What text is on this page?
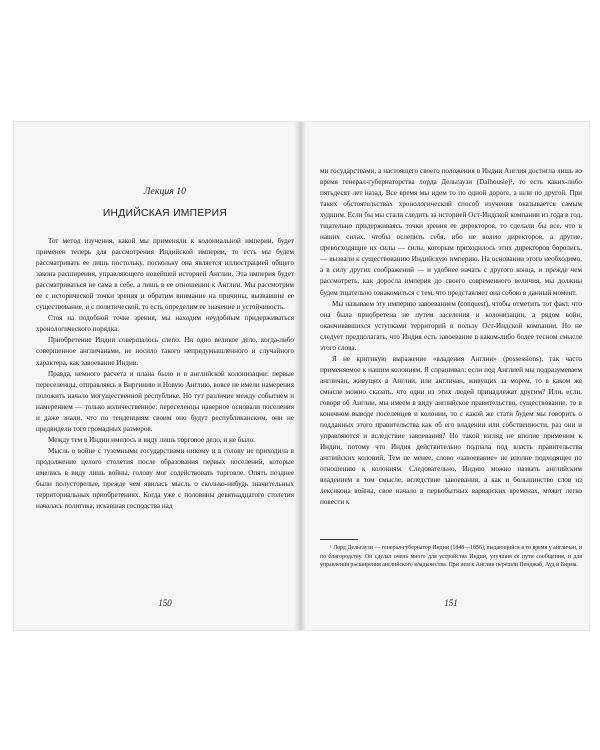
Лекция 10
ИНДИЙСКАЯ ИМПЕРИЯ

Тот метод изучения, какой мы применяли к колониальной империи, будет применен теперь для рассмотрения Индийской империи, то есть мы будем рассматривать ее лишь постольку, поскольку она является иллюстрацией общего закона расширения, управляющего новейшей историей Англии. Эта империя будет рассматриваться не сама в себе, а лишь в ее отношении к Англии. Мы рассмотрим ее с исторической точки зрения и обратим внимание на причины, вызвавшие ее существование, и с политической, то есть определим ее значение и устойчивость.

Стоя на подобной точке зрения, мы находим неудобным придерживаться хронологического порядка.

Приобретение Индии совершалось слепо. Ни одно великое дело, когда-либо совершенное англичанами, не носило такого непредумышленного и случайного характера, как завоевание Индии.

Правда, немного расчета и плана было и в английской колонизации: первые переселенцы, отправляясь в Виргинию и Новую Англию, вовсе не имели намерения положить начало могущественной республике. Но тут различие между событием и намерением — только количественное: переселенцы наверное основали поселения и даже знали, что по тенденциям своим оно будут республиканским, они не предвидели того громадных размеров.

Между тем в Индии имелось в виду лишь торговое дело, и не было.

Мысль о войне с туземными государствами никому и в голову не приходила в продолжение целого столетия после образования первых поселений, которые имелись в виду лишь войны, голову мог содействовать торговле. Опять позднее были полусторелые, прежде чем явилась мысль о сколько-нибудь значительных территориальных приобретениях. Когда уже с половины девятнадцатого столетия началась политика, искавшая господства над

150

ми государствами, а настоящего своего положения в Индии Англия достигла лишь во время генерал-губернаторства лорда Дельгаузи (Dalhousie)¹, то есть каких-либо пятьдесят лет назад. Все время мы идем то по одной дороге, а шли по другой. При таких обстоятельствах хронологический способ изучения оказывается самым худшим. Если бы мы стали следить за историей Ост-Индской компании из года в год, тщательно придерживаясь точки зрения ее директоров, то сделали бы все, что в наших силах, чтобы ослепить себя, ибо не волею директоров, а другие, превосходящие их силы — силы, которым приходилось этих директоров боролись, — вызвали к существованию Индийскую империю. На основании этого необходимо, а в силу других соображений — и удобнее начать с другого конца, и прежде чем рассмотреть, как доросла империя до своего современного величия, мы должны будем тщательно ознакомиться с тем, что представляет она собою в данный момент.

Мы называем эту империю завоеванием (conquest), чтобы отметить тот факт, что она была приобретена не путем заселения и колонизации, а рядом войн, оканчивавшихся уступками территорий в пользу Ост-Индской компании. Но не следует предполагать, что Индия есть завоевание в каком-либо более тесном смысле этого слова.

Я не критикую выражение «владения Англии» (possessions), так часто применяемое к нашим колониям. Я спрашивал: если под Англией мы подразумеваем англичан, живущих в Англии, или англичан, живущих за морем, то в каком же смысле можно сказать, что одни из этих людей принадлежат другим? Или, если, говоря об Англии, мы имеем в виду английское правительство, существование, то в конечном выводе поселенцев и колонии, то с какой же стати будем мы говорить о подданных этого правительства как об его владении или собственности, раз они и управляются и вследствие завоевания? Но такой взгляд не вполне применим к Индии, потому что Индия действительно подпала под власть правительства английских колоний. Тем не менее, слово «завоевание» не вполне подходящее по отношению к колониям. Следовательно, Индию можно назвать английским владением в том смысле, вследствие завоевания, а как и большинство слов из лексикона войны, свое начало в первобытных варварских временах, может легко повести к

¹ Лорд Дельгаузи — генерал-губернатор Индии (1848—1856), выдающийся в то время у англичан, и по благородству. Он сделал очень много для устройства Индии, улучшив ее пути сообщения, и для управления расширения английского владычества. При нем к Англии перешли Пенджаб, Ауд и Бирма.

151
